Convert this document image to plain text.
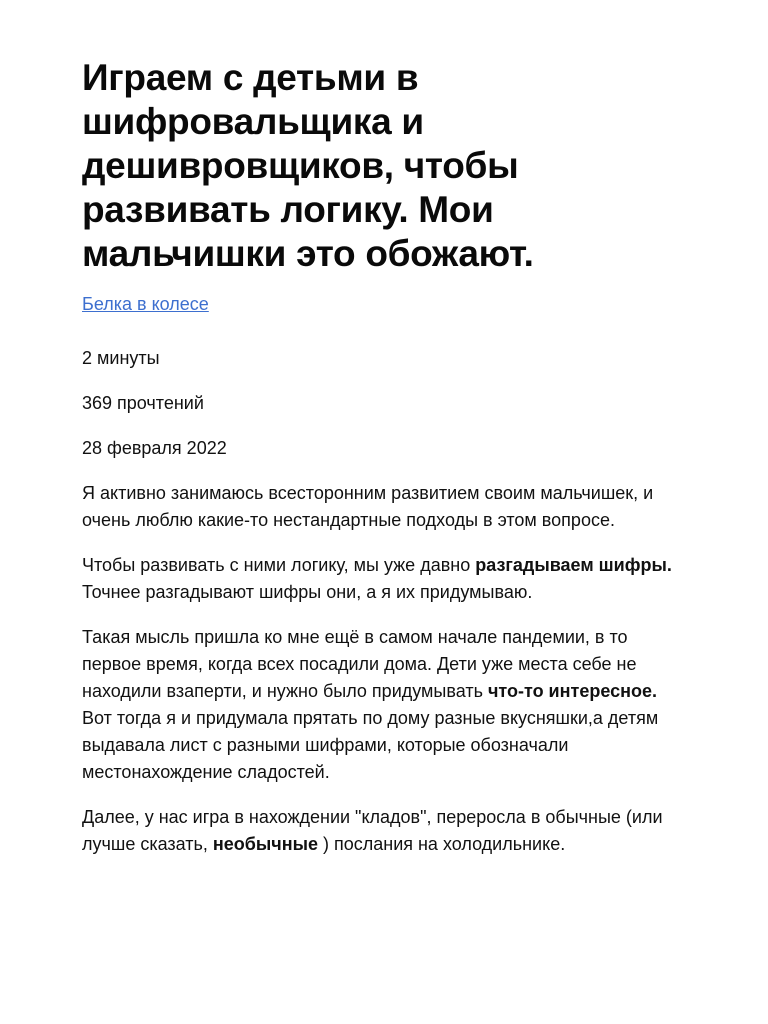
Играем с детьми в шифровальщика и дешивровщиков, чтобы развивать логику. Мои мальчишки это обожают.
Белка в колесе

2 минуты

369 прочтений

28 февраля 2022

Я активно занимаюсь всесторонним развитием своим мальчишек, и очень люблю какие-то нестандартные подходы в этом вопросе.

Чтобы развивать с ними логику, мы уже давно разгадываем шифры. Точнее разгадывают шифры они, а я их придумываю.

Такая мысль пришла ко мне ещё в самом начале пандемии, в то первое время, когда всех посадили дома. Дети уже места себе не находили взаперти, и нужно было придумывать что-то интересное. Вот тогда я и придумала прятать по дому разные вкусняшки,а детям выдавала лист с разными шифрами, которые обозначали местонахождение сладостей.

Далее, у нас игра в нахождении "кладов", переросла в обычные (или лучше сказать, необычные ) послания на холодильнике.
